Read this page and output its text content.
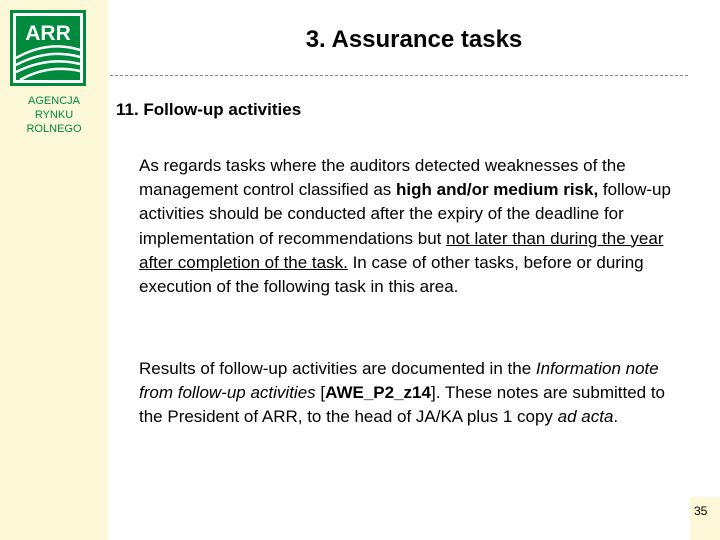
ARR
AGENCJA
RYNKU
ROLNEGO
3. Assurance tasks
11. Follow-up activities
As regards tasks where the auditors detected weaknesses of the management control classified as high and/or medium risk, follow-up activities should be conducted after the expiry of the deadline for implementation of recommendations but not later than during the year after completion of the task. In case of other tasks, before or during execution of the following task in this area.
Results of follow-up activities are documented in the Information note from follow-up activities [AWE_P2_z14]. These notes are submitted to the President of ARR, to the head of JA/KA plus 1 copy ad acta.
35
